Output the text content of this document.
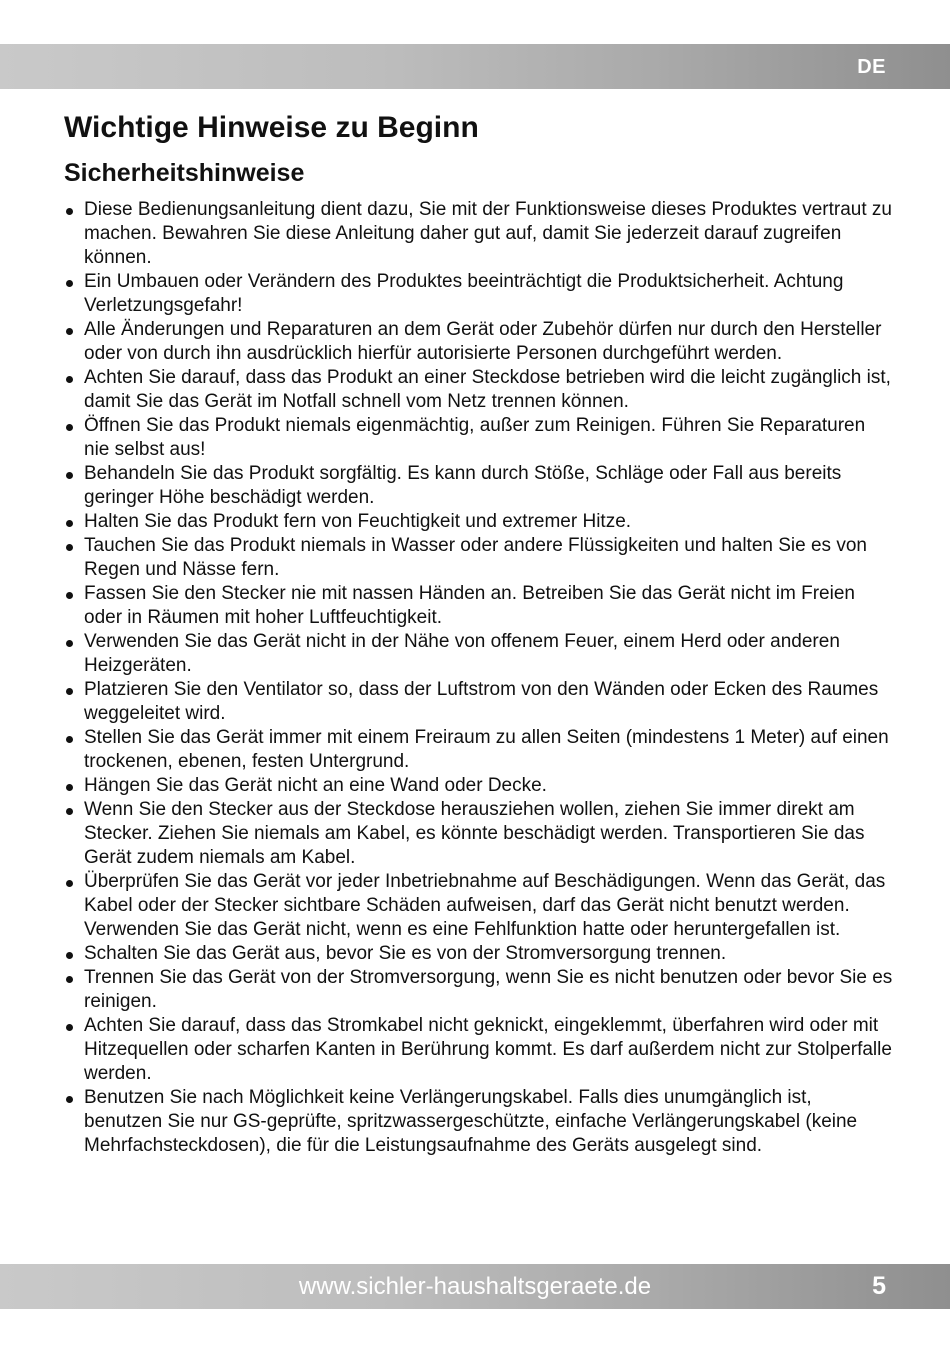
DE
Wichtige Hinweise zu Beginn
Sicherheitshinweise
Diese Bedienungsanleitung dient dazu, Sie mit der Funktionsweise dieses Produktes vertraut zu machen. Bewahren Sie diese Anleitung daher gut auf, damit Sie jederzeit darauf zugreifen können.
Ein Umbauen oder Verändern des Produktes beeinträchtigt die Produktsicherheit. Achtung Verletzungsgefahr!
Alle Änderungen und Reparaturen an dem Gerät oder Zubehör dürfen nur durch den Hersteller oder von durch ihn ausdrücklich hierfür autorisierte Personen durchgeführt werden.
Achten Sie darauf, dass das Produkt an einer Steckdose betrieben wird die leicht zugänglich ist, damit Sie das Gerät im Notfall schnell vom Netz trennen können.
Öffnen Sie das Produkt niemals eigenmächtig, außer zum Reinigen. Führen Sie Reparaturen nie selbst aus!
Behandeln Sie das Produkt sorgfältig. Es kann durch Stöße, Schläge oder Fall aus bereits geringer Höhe beschädigt werden.
Halten Sie das Produkt fern von Feuchtigkeit und extremer Hitze.
Tauchen Sie das Produkt niemals in Wasser oder andere Flüssigkeiten und halten Sie es von Regen und Nässe fern.
Fassen Sie den Stecker nie mit nassen Händen an. Betreiben Sie das Gerät nicht im Freien oder in Räumen mit hoher Luftfeuchtigkeit.
Verwenden Sie das Gerät nicht in der Nähe von offenem Feuer, einem Herd oder anderen Heizgeräten.
Platzieren Sie den Ventilator so, dass der Luftstrom von den Wänden oder Ecken des Raumes weggeleitet wird.
Stellen Sie das Gerät immer mit einem Freiraum zu allen Seiten (mindestens 1 Meter) auf einen trockenen, ebenen, festen Untergrund.
Hängen Sie das Gerät nicht an eine Wand oder Decke.
Wenn Sie den Stecker aus der Steckdose herausziehen wollen, ziehen Sie immer direkt am Stecker. Ziehen Sie niemals am Kabel, es könnte beschädigt werden. Transportieren Sie das Gerät zudem niemals am Kabel.
Überprüfen Sie das Gerät vor jeder Inbetriebnahme auf Beschädigungen. Wenn das Gerät, das Kabel oder der Stecker sichtbare Schäden aufweisen, darf das Gerät nicht benutzt werden. Verwenden Sie das Gerät nicht, wenn es eine Fehlfunktion hatte oder heruntergefallen ist.
Schalten Sie das Gerät aus, bevor Sie es von der Stromversorgung trennen.
Trennen Sie das Gerät von der Stromversorgung, wenn Sie es nicht benutzen oder bevor Sie es reinigen.
Achten Sie darauf, dass das Stromkabel nicht geknickt, eingeklemmt, überfahren wird oder mit Hitzequellen oder scharfen Kanten in Berührung kommt. Es darf außerdem nicht zur Stolperfalle werden.
Benutzen Sie nach Möglichkeit keine Verlängerungskabel. Falls dies unumgänglich ist, benutzen Sie nur GS-geprüfte, spritzwassergeschützte, einfache Verlängerungskabel (keine Mehrfachsteckdosen), die für die Leistungsaufnahme des Geräts ausgelegt sind.
www.sichler-haushaltsgeraete.de	5
